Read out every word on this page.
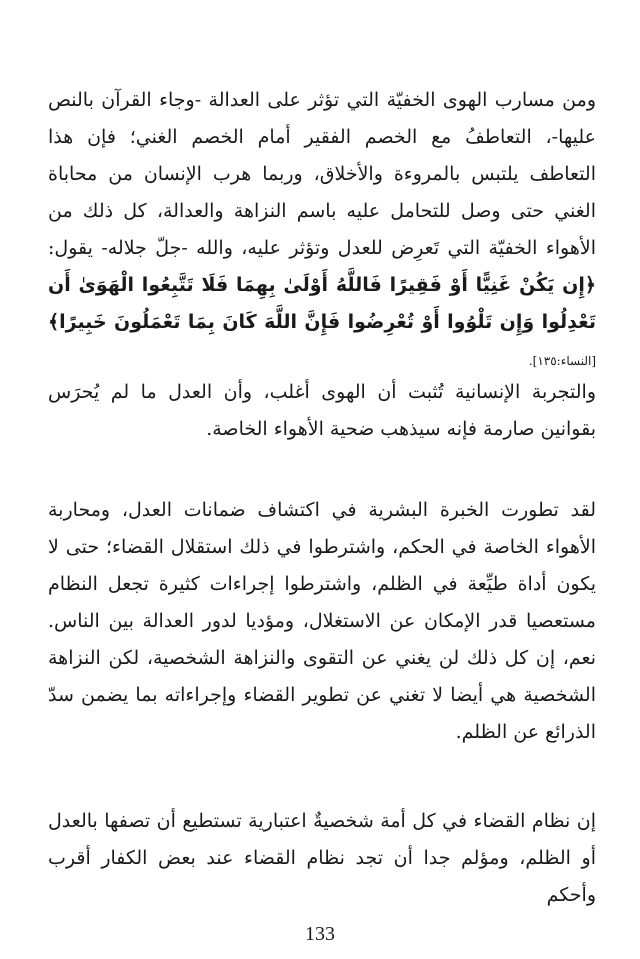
ومن مسارب الهوى الخفيّة التي تؤثر على العدالة -وجاء القرآن بالنص عليها-، التعاطفُ مع الخصم الفقير أمام الخصم الغني؛ فإن هذا التعاطف يلتبس بالمروءة والأخلاق، وربما هرب الإنسان من محاباة الغني حتى وصل للتحامل عليه باسم النزاهة والعدالة، كل ذلك من الأهواء الخفيّة التي تَعرِض للعدل وتؤثر عليه، والله -جلّ جلاله- يقول: ﴿إِن يَكُنْ غَنِيًّا أَوْ فَقِيرًا فَاللَّهُ أَوْلَىٰ بِهِمَا فَلَا تَتَّبِعُوا الْهَوَىٰ أَن تَعْدِلُوا وَإِن تَلْوُوا أَوْ تُعْرِضُوا فَإِنَّ اللَّهَ كَانَ بِمَا تَعْمَلُونَ خَبِيرًا﴾ [النساء:١٣٥].

والتجربة الإنسانية تُثبت أن الهوى أغلب، وأن العدل ما لم يُحرَس بقوانين صارمة فإنه سيذهب ضحية الأهواء الخاصة.

لقد تطورت الخبرة البشرية في اكتشاف ضمانات العدل، ومحاربة الأهواء الخاصة في الحكم، واشترطوا في ذلك استقلال القضاء؛ حتى لا يكون أداة طيِّعة في الظلم، واشترطوا إجراءات كثيرة تجعل النظام مستعصيا قدر الإمكان عن الاستغلال، ومؤديا لدور العدالة بين الناس. نعم، إن كل ذلك لن يغني عن التقوى والنزاهة الشخصية، لكن النزاهة الشخصية هي أيضا لا تغني عن تطوير القضاء وإجراءاته بما يضمن سدّ الذرائع عن الظلم.

إن نظام القضاء في كل أمة شخصيةٌ اعتبارية تستطيع أن تصفها بالعدل أو الظلم، ومؤلم جدا أن تجد نظام القضاء عند بعض الكفار أقرب وأحكم

133
